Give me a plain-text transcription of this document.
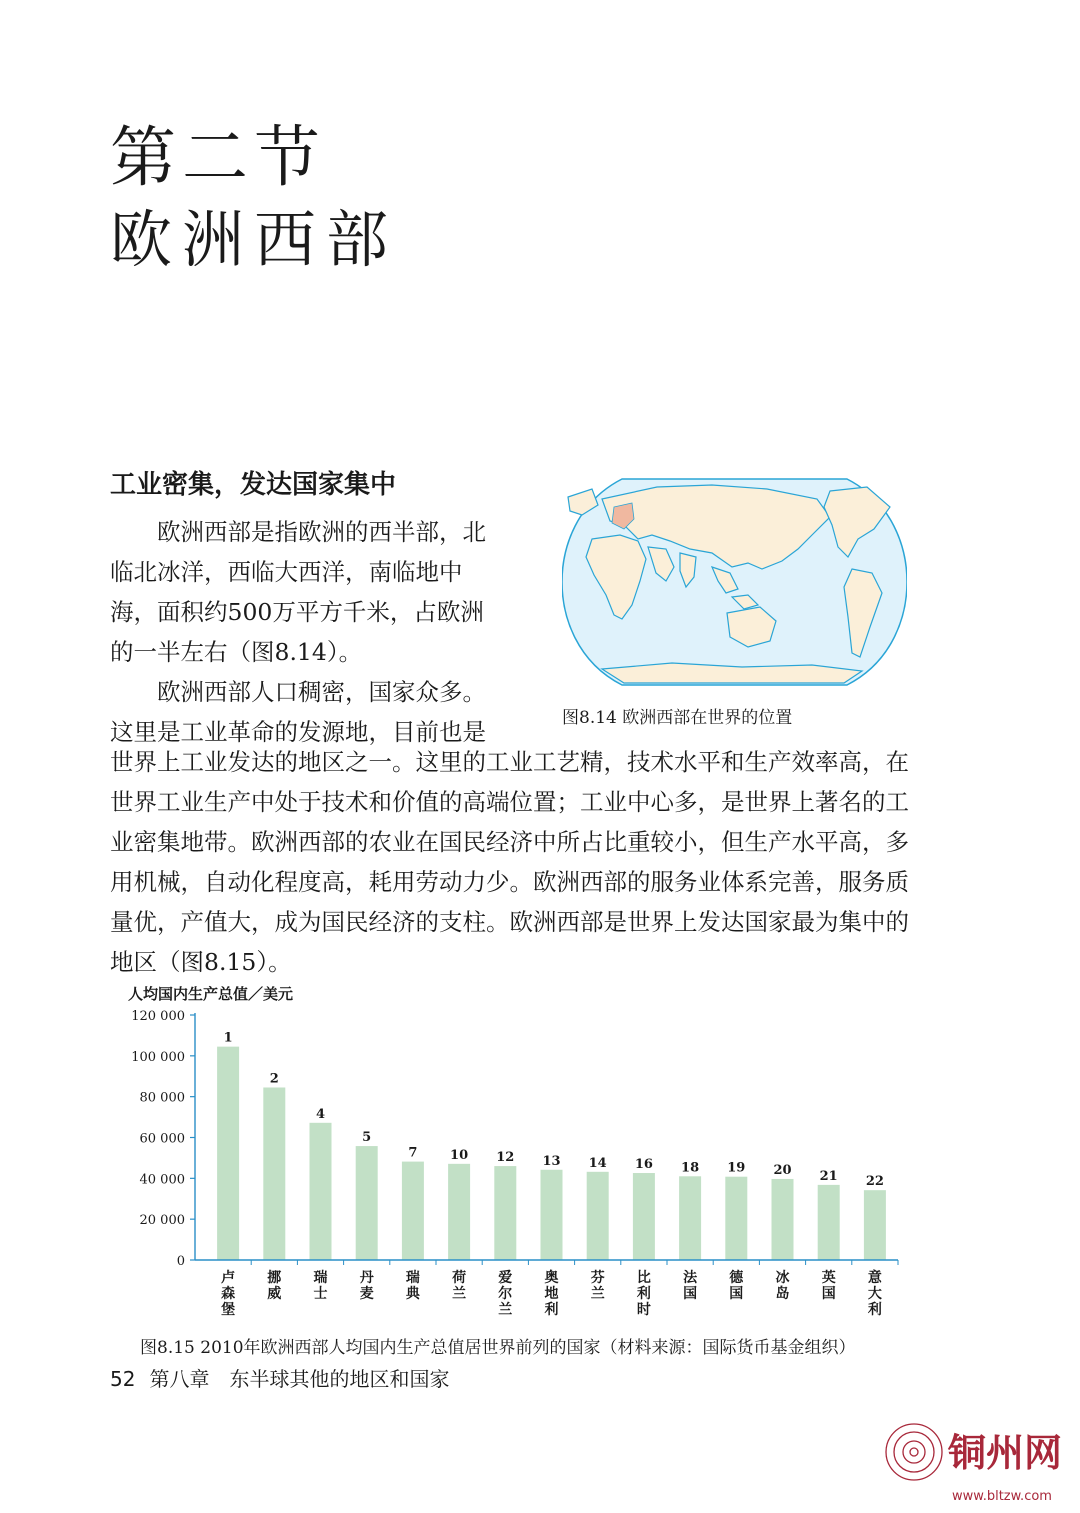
第二节
欧洲西部
工业密集，发达国家集中
　　欧洲西部是指欧洲的西半部，北
临北冰洋，西临大西洋，南临地中
海，面积约500万平方千米，占欧洲
的一半左右（图8.14）。
　　欧洲西部人口稠密，国家众多。
这里是工业革命的发源地，目前也是
世界上工业发达的地区之一。这里的工业工艺精，技术水平和生产效率高，在
世界工业生产中处于技术和价值的高端位置；工业中心多，是世界上著名的工
业密集地带。欧洲西部的农业在国民经济中所占比重较小，但生产水平高，多
用机械，自动化程度高，耗用劳动力少。欧洲西部的服务业体系完善，服务质
量优，产值大，成为国民经济的支柱。欧洲西部是世界上发达国家最为集中的
地区（图8.15）。
图8.14 欧洲西部在世界的位置
人均国内生产总值／美元
0
20 000
40 000
60 000
80 000
100 000
120 000
1
2
4
5
7	10 12 13 14 16 18 19 20 21 22
卢森堡
挪威
瑞士
丹麦
瑞典
荷兰
爱尔兰
奥地利
芬兰
比利时
法国
德国
冰岛
英国
意大利
图8.15 2010年欧洲西部人均国内生产总值居世界前列的国家（材料来源：国际货币基金组织）
52 第八章　东半球其他的地区和国家
铜州网
www.bltzw.com
